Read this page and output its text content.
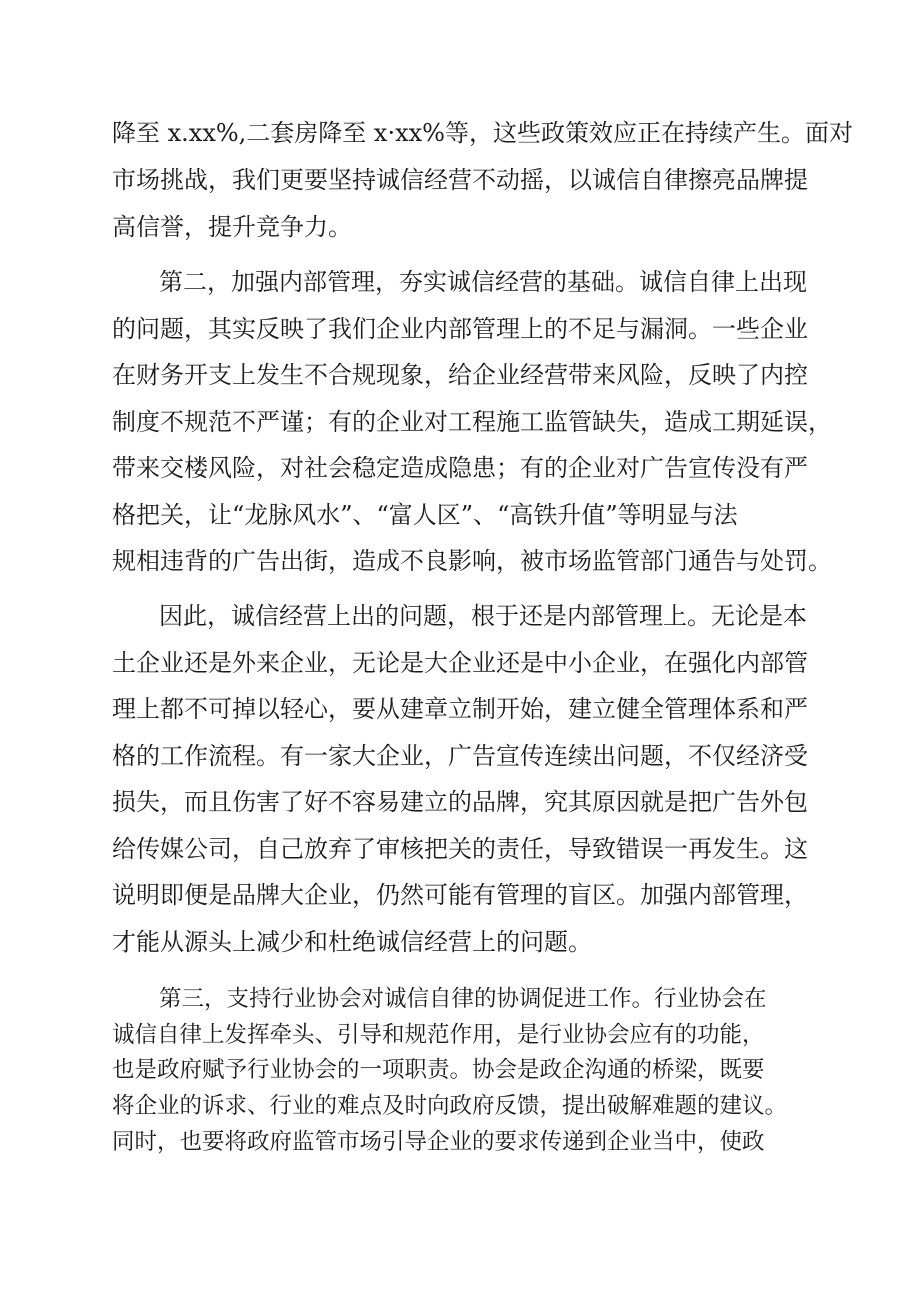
降至 x.xx%,二套房降至 x·xx%等，这些政策效应正在持续产生。面对
市场挑战，我们更要坚持诚信经营不动摇，以诚信自律擦亮品牌提
高信誉，提升竞争力。
第二，加强内部管理，夯实诚信经营的基础。诚信自律上出现
的问题，其实反映了我们企业内部管理上的不足与漏洞。一些企业
在财务开支上发生不合规现象，给企业经营带来风险，反映了内控
制度不规范不严谨；有的企业对工程施工监管缺失，造成工期延误，
带来交楼风险，对社会稳定造成隐患；有的企业对广告宣传没有严
格把关，让“龙脉风水”、“富人区”、“高铁升值”等明显与法
规相违背的广告出街，造成不良影响，被市场监管部门通告与处罚。
因此，诚信经营上出的问题，根于还是内部管理上。无论是本
土企业还是外来企业，无论是大企业还是中小企业，在强化内部管
理上都不可掉以轻心，要从建章立制开始，建立健全管理体系和严
格的工作流程。有一家大企业，广告宣传连续出问题，不仅经济受
损失，而且伤害了好不容易建立的品牌，究其原因就是把广告外包
给传媒公司，自己放弃了审核把关的责任，导致错误一再发生。这
说明即便是品牌大企业，仍然可能有管理的盲区。加强内部管理，
才能从源头上减少和杜绝诚信经营上的问题。
第三，支持行业协会对诚信自律的协调促进工作。行业协会在
诚信自律上发挥牵头、引导和规范作用，是行业协会应有的功能，
也是政府赋予行业协会的一项职责。协会是政企沟通的桥梁，既要
将企业的诉求、行业的难点及时向政府反馈，提出破解难题的建议。
同时，也要将政府监管市场引导企业的要求传递到企业当中，使政
